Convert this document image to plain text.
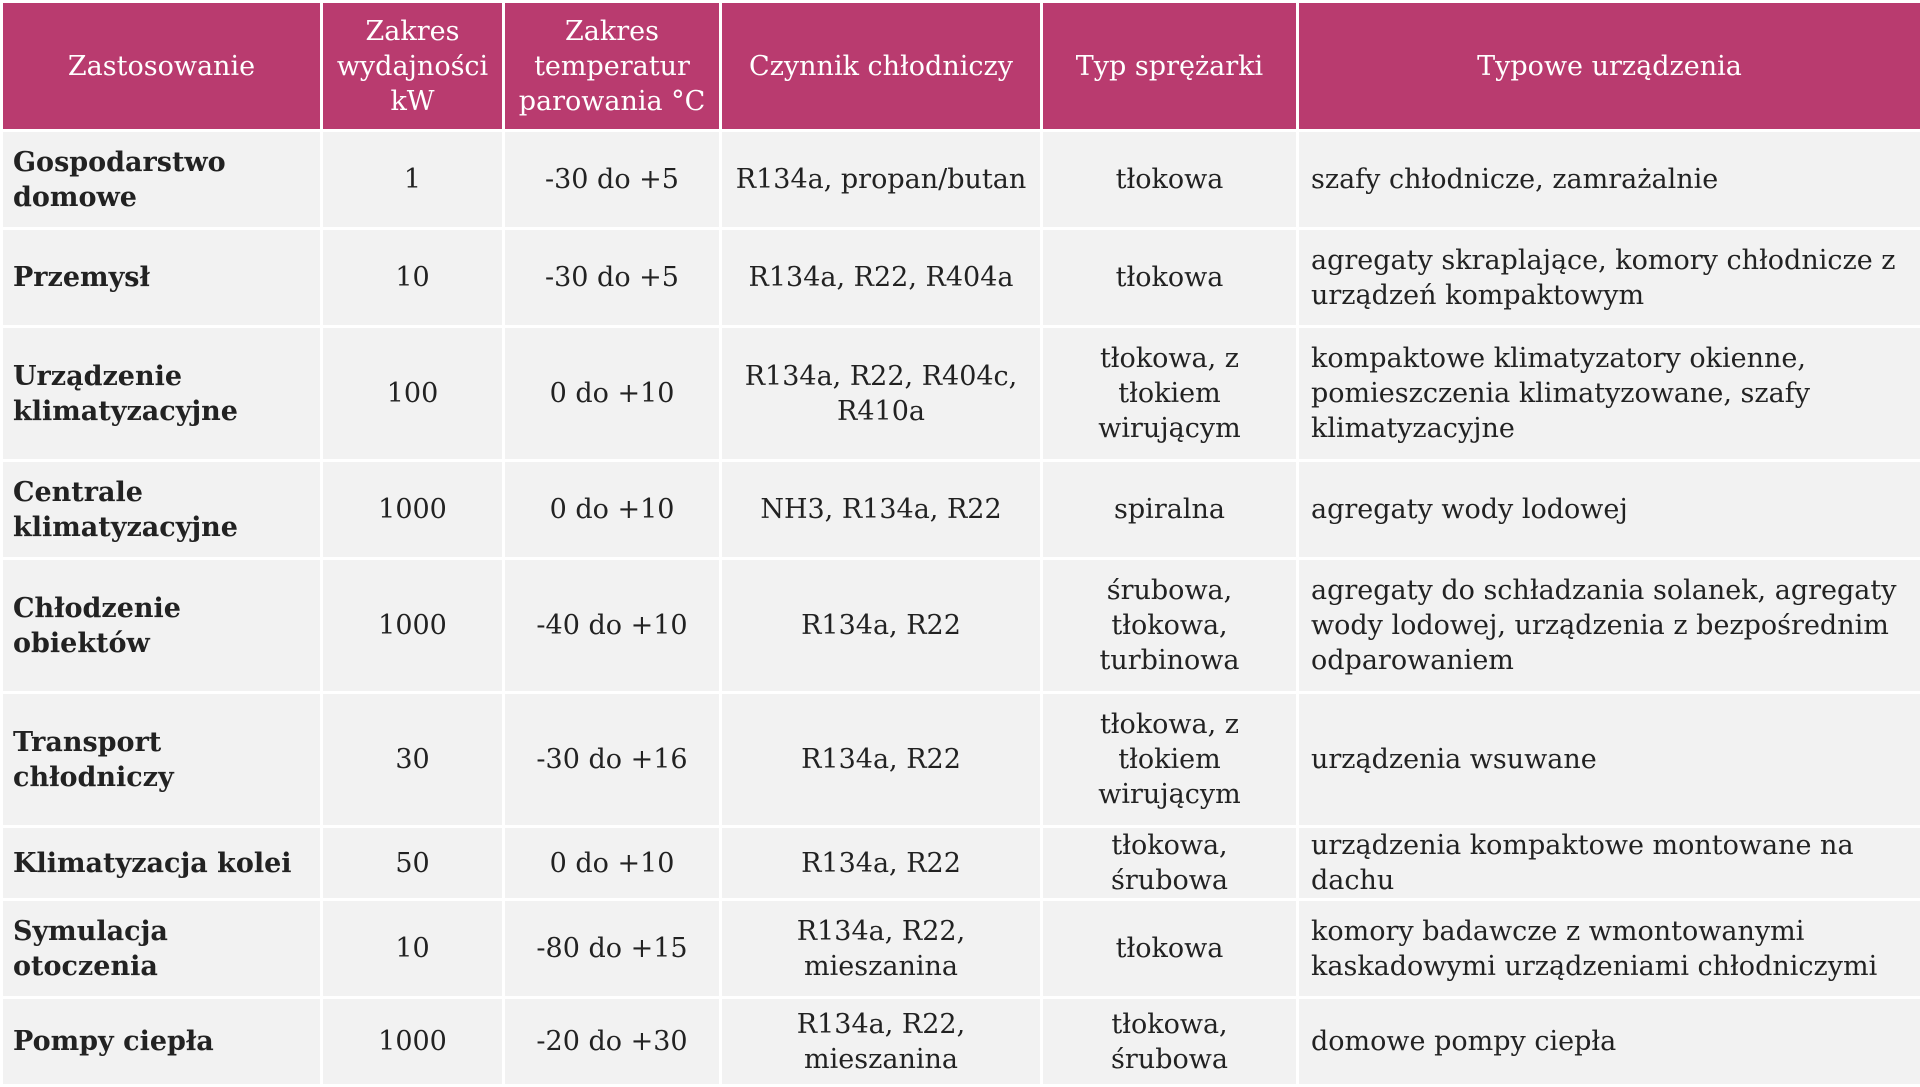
Zastosowanie	Zakres wydajności kW	Zakres temperatur parowania °C	Czynnik chłodniczy	Typ sprężarki	Typowe urządzenia
Gospodarstwo domowe	1	-30 do +5	R134a, propan/butan	tłokowa	szafy chłodnicze, zamrażalnie
Przemysł	10	-30 do +5	R134a, R22, R404a	tłokowa	agregaty skraplające, komory chłodnicze z urządzeń kompaktowym
Urządzenie klimatyzacyjne	100	0 do +10	R134a, R22, R404c, R410a	tłokowa, z tłokiem wirującym	kompaktowe klimatyzatory okienne, pomieszczenia klimatyzowane, szafy klimatyzacyjne
Centrale klimatyzacyjne	1000	0 do +10	NH3, R134a, R22	spiralna	agregaty wody lodowej
Chłodzenie obiektów	1000	-40 do +10	R134a, R22	śrubowa, tłokowa, turbinowa	agregaty do schładzania solanek, agregaty wody lodowej, urządzenia z bezpośrednim odparowaniem
Transport chłodniczy	30	-30 do +16	R134a, R22	tłokowa, z tłokiem wirującym	urządzenia wsuwane
Klimatyzacja kolei	50	0 do +10	R134a, R22	tłokowa, śrubowa	urządzenia kompaktowe montowane na dachu
Symulacja otoczenia	10	-80 do +15	R134a, R22, mieszanina	tłokowa	komory badawcze z wmontowanymi kaskadowymi urządzeniami chłodniczymi
Pompy ciepła	1000	-20 do +30	R134a, R22, mieszanina	tłokowa, śrubowa	domowe pompy ciepła
